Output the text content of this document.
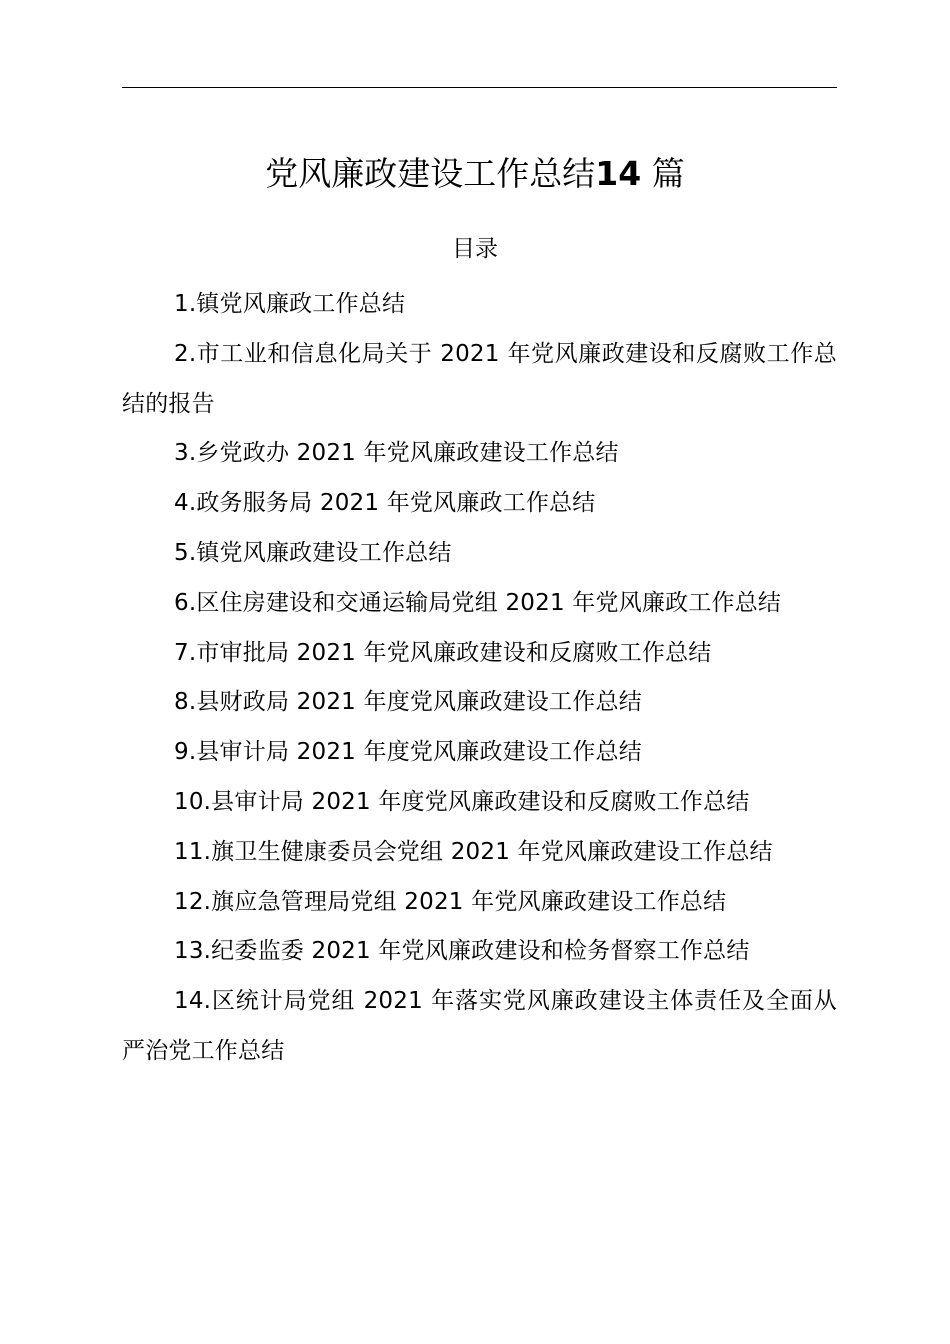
党风廉政建设工作总结14 篇
目录
1.镇党风廉政工作总结
2.市工业和信息化局关于 2021 年党风廉政建设和反腐败工作总结的报告
3.乡党政办 2021 年党风廉政建设工作总结
4.政务服务局 2021 年党风廉政工作总结
5.镇党风廉政建设工作总结
6.区住房建设和交通运输局党组 2021 年党风廉政工作总结
7.市审批局 2021 年党风廉政建设和反腐败工作总结
8.县财政局 2021 年度党风廉政建设工作总结
9.县审计局 2021 年度党风廉政建设工作总结
10.县审计局 2021 年度党风廉政建设和反腐败工作总结
11.旗卫生健康委员会党组 2021 年党风廉政建设工作总结
12.旗应急管理局党组 2021 年党风廉政建设工作总结
13.纪委监委 2021 年党风廉政建设和检务督察工作总结
14.区统计局党组 2021 年落实党风廉政建设主体责任及全面从严治党工作总结
